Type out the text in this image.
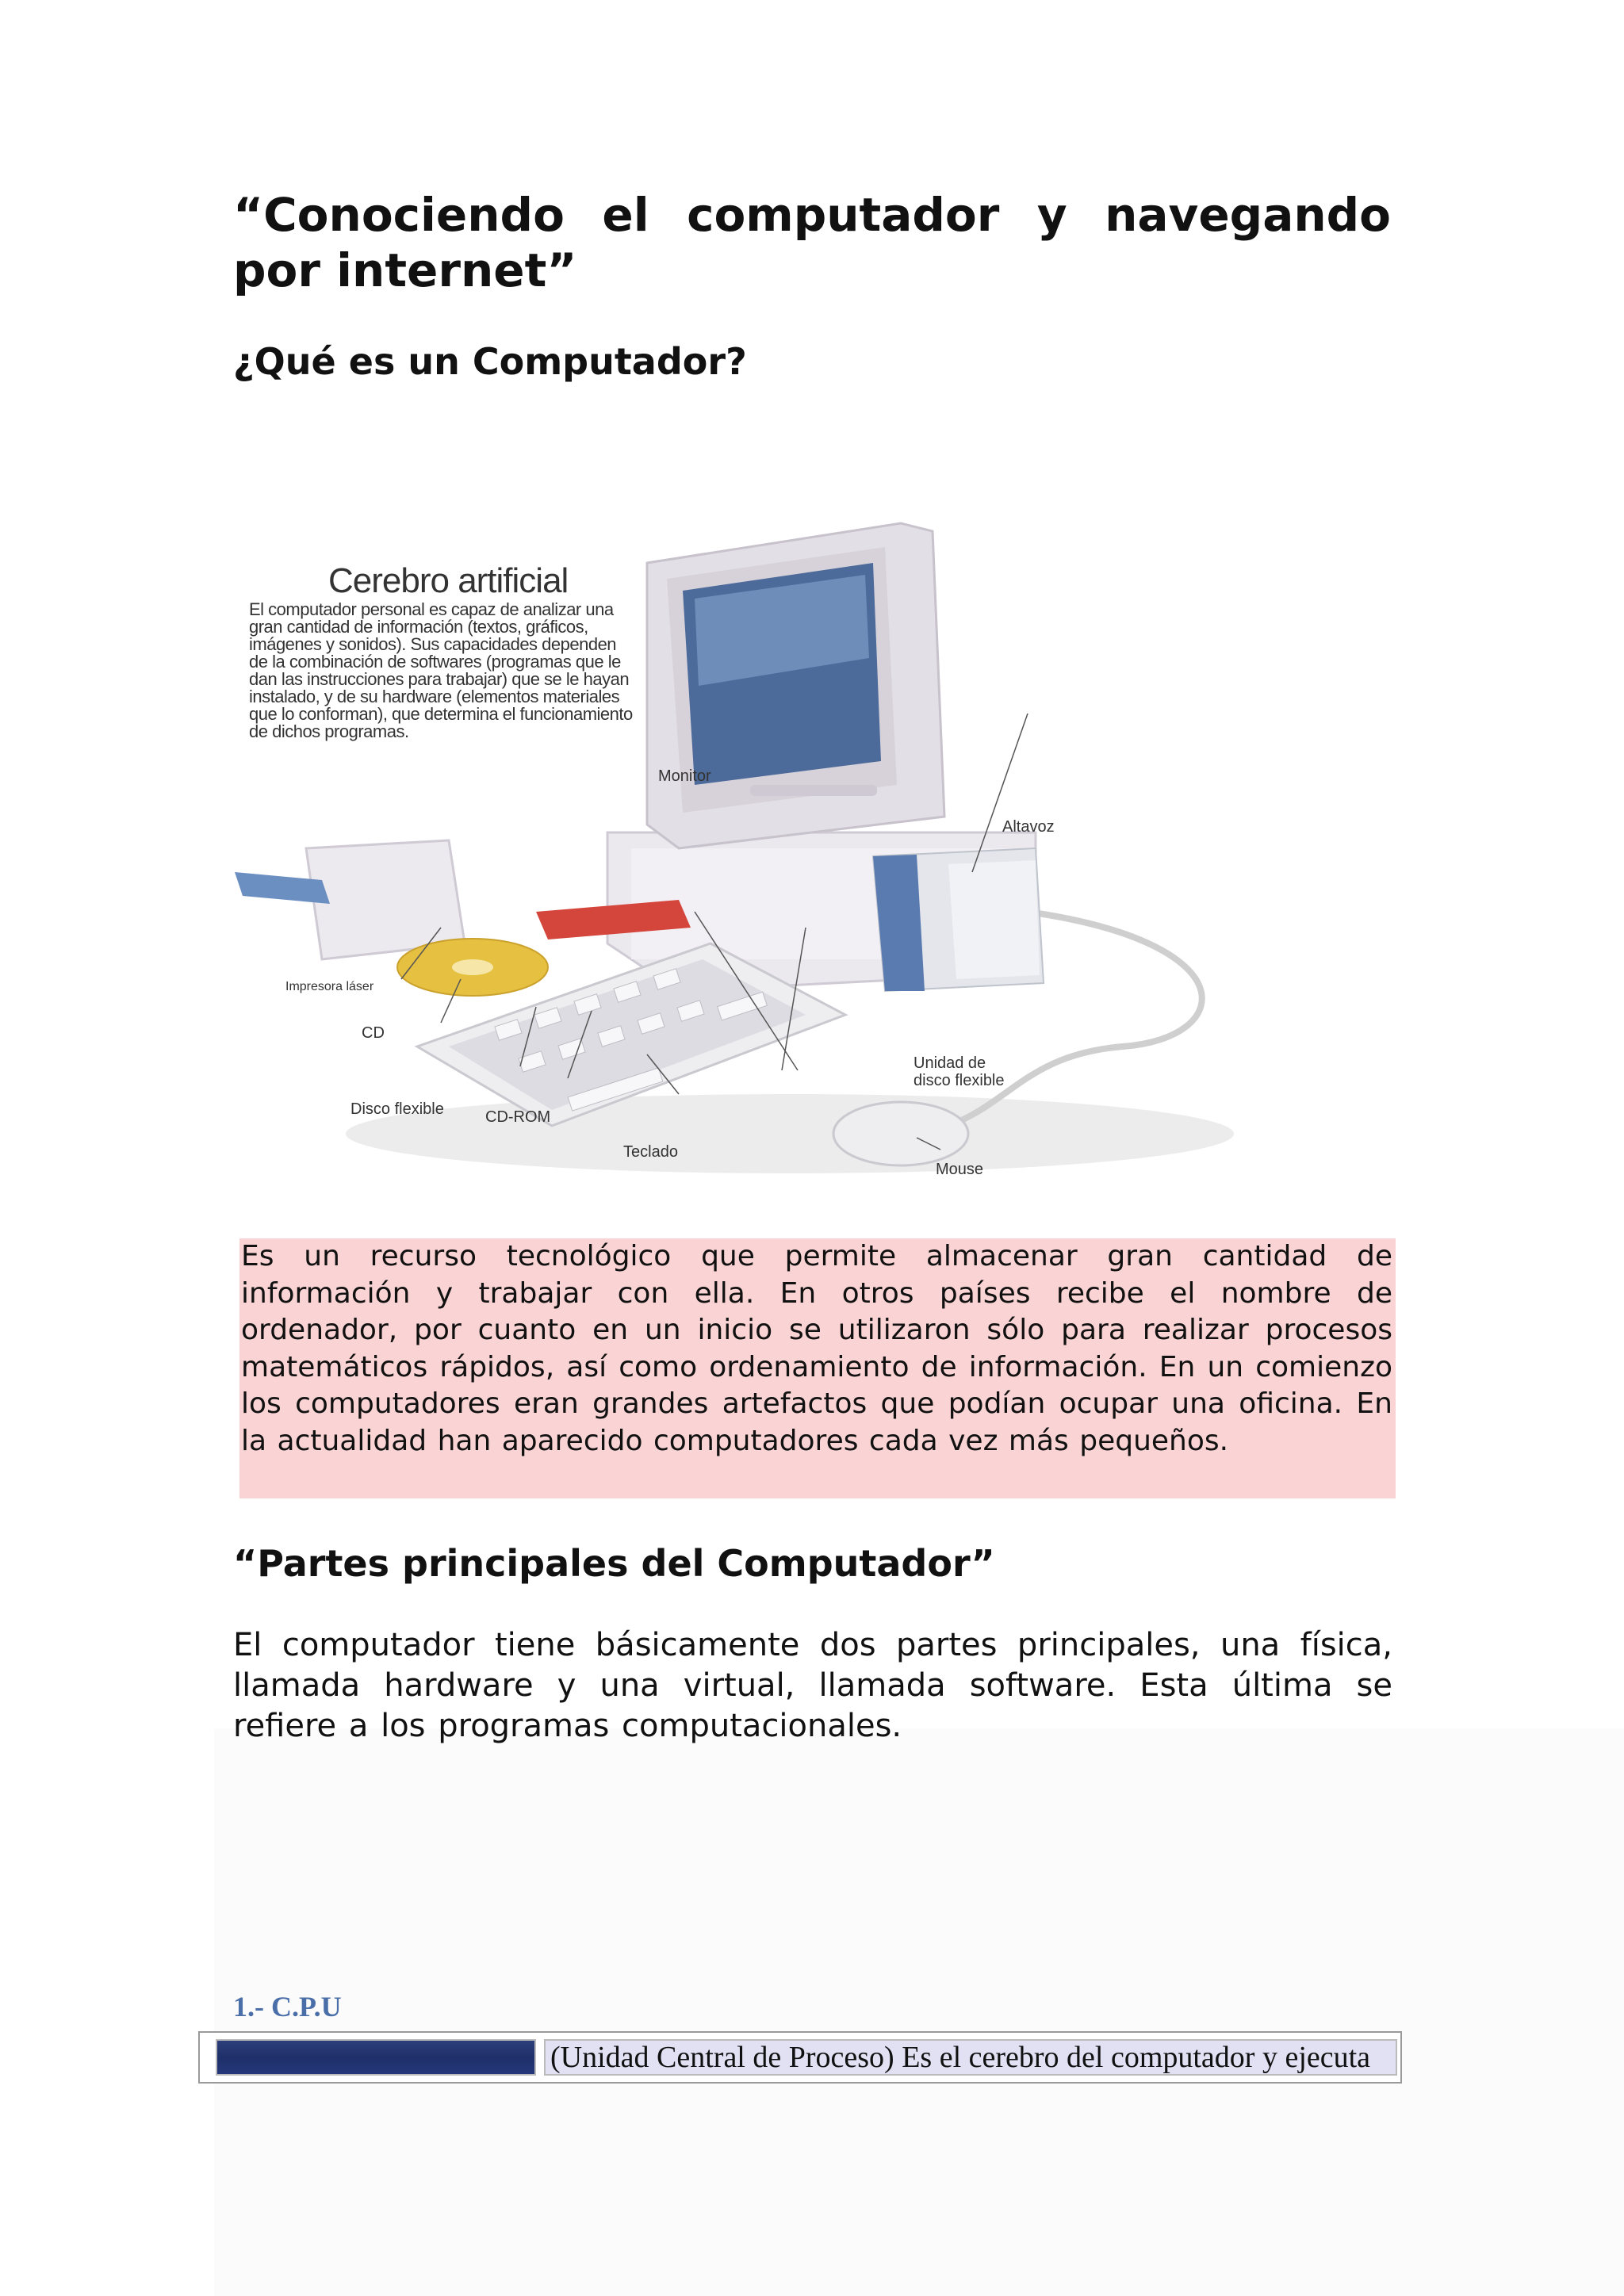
“Conociendo el computador y navegando por internet”
¿Qué es un Computador?
Cerebro artificial
El computador personal es capaz de analizar una gran cantidad de información (textos, gráficos, imágenes y sonidos). Sus capacidades dependen de la combinación de softwares (programas que le dan las instrucciones para trabajar) que se le hayan instalado, y de su hardware (elementos materiales que lo conforman), que determina el funcionamiento de dichos programas.
Monitor
Altavoz
Impresora láser
CD
Disco flexible	CD-ROM
Teclado
Unidad de
disco flexible
Mouse

Es un recurso tecnológico que permite almacenar gran cantidad de información y trabajar con ella. En otros países recibe el nombre de ordenador, por cuanto en un inicio se utilizaron sólo para realizar procesos matemáticos rápidos, así como ordenamiento de información. En un comienzo los computadores eran grandes artefactos que podían ocupar una oficina. En la actualidad han aparecido computadores cada vez más pequeños.

“Partes principales del Computador”

El computador tiene básicamente dos partes principales, una física, llamada hardware y una virtual, llamada software. Esta última se refiere a los programas computacionales.

1.- C.P.U
(Unidad Central de Proceso) Es el cerebro del computador y ejecuta
